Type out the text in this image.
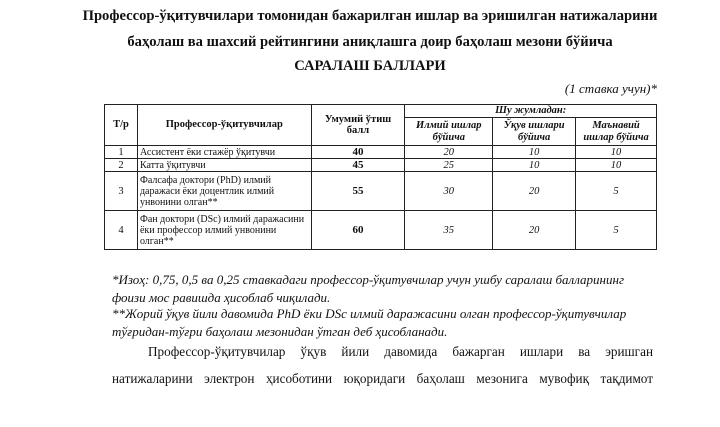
Профессор-ўқитувчилари томонидан бажарилган ишлар ва эришилган натижаларини
баҳолаш ва шахсий рейтингини аниқлашга доир баҳолаш мезони бўйича
САРАЛАШ БАЛЛАРИ
(1 ставка учун)*
Т/р	Профессор-ўқитувчилар	Умумий ўтиш балл	Шу жумладан:		
			Илмий ишлар бўйича	Ўқув ишлари бўйича	Маънавий ишлар бўйича
1	Ассистент ёки стажёр ўқитувчи	40	20	10	10
2	Катта ўқитувчи	45	25	10	10
3	Фалсафа доктори (PhD) илмий даражаси ёки доцентлик илмий унвонини олган**	55	30	20	5
4	Фан доктори (DSc) илмий даражасини ёки профессор илмий унвонини олган**	60	35	20	5
*Изоҳ: 0,75, 0,5 ва 0,25 ставкадаги профессор-ўқитувчилар учун ушбу саралаш балларининг
фоизи мос равишда ҳисоблаб чиқилади.
**Жорий ўқув йили давомида PhD ёки DSc илмий даражасини олган профессор-ўқитувчилар
тўғридан-тўғри баҳолаш мезонидан ўтган деб ҳисобланади.
Профессор-ўқитувчилар ўқув йили давомида бажарган ишлари ва эришган
натижаларини электрон ҳисоботини юқоридаги баҳолаш мезонига мувофиқ тақдимот
